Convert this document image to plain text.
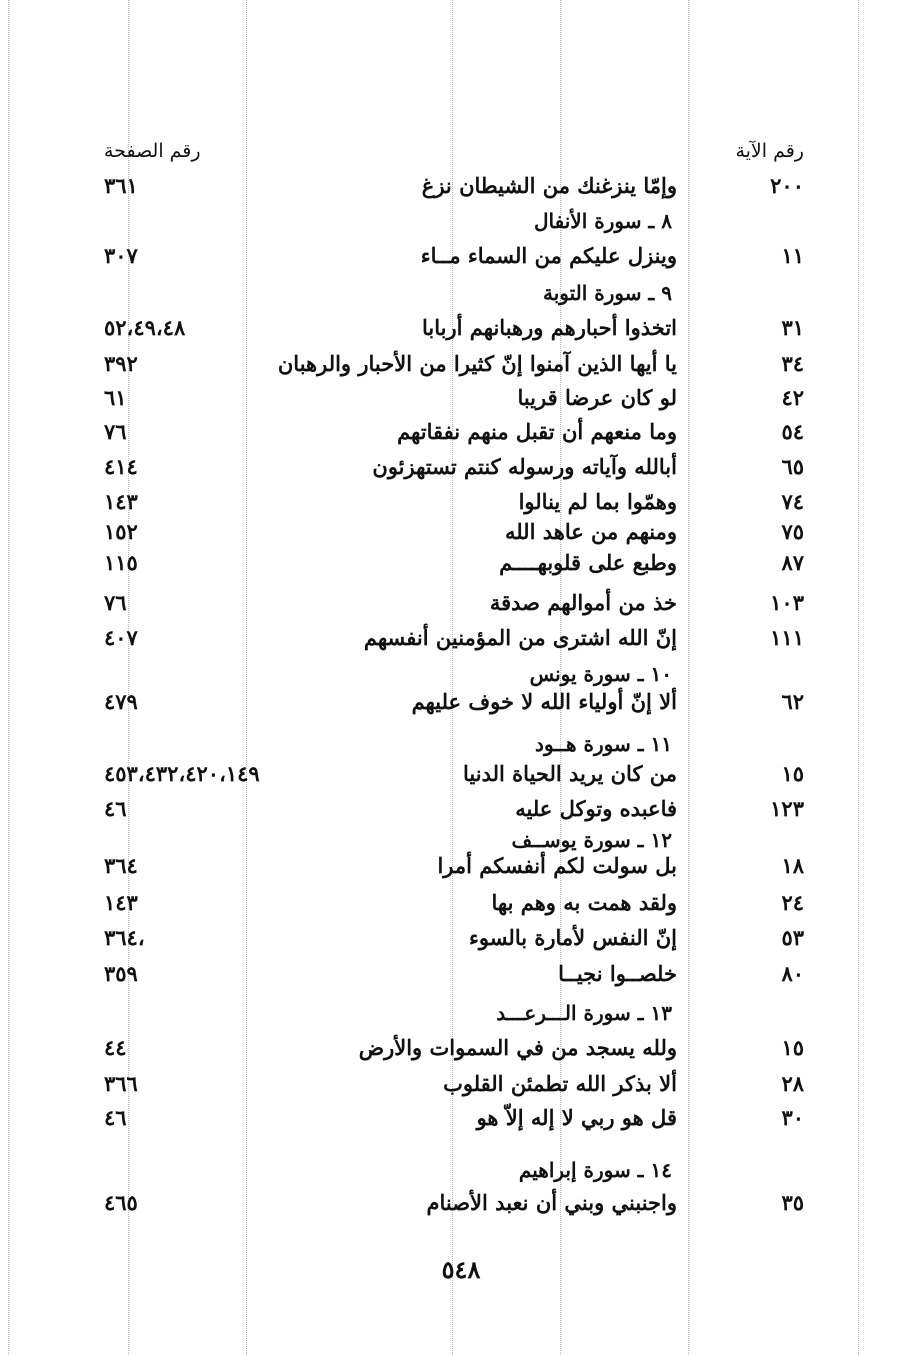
رقم الآية
رقم الصفحة
٢٠٠
وإمّا ينزغنك من الشيطان نزغ
٣٦١
٨ ـ سورة الأنفال
١١
وينزل عليكم من السماء مــاء
٣٠٧
٩ ـ سورة التوبة
٣١
اتخذوا أحبارهم ورهبانهم أربابا
٥٢،٤٩،٤٨
٣٤
يا أيها الذين آمنوا إنّ كثيرا من الأحبار والرهبان
٣٩٢
٤٢
لو كان عرضا قريبا
٦١
٥٤
وما منعهم أن تقبل منهم نفقاتهم
٧٦
٦٥
أبالله وآياته ورسوله كنتم تستهزئون
٤١٤
٧٤
وهمّوا بما لم ينالوا
١٤٣
٧٥
ومنهم من عاهد الله
١٥٢
٨٧
وطبع على قلوبهــــم
١١٥
١٠٣
خذ من أموالهم صدقة
٧٦
١١١
إنّ الله اشترى من المؤمنين أنفسهم
٤٠٧
١٠ ـ سورة يونس
٦٢
ألا إنّ أولياء الله لا خوف عليهم
٤٧٩
١١ ـ سورة هــود
١٥
من كان يريد الحياة الدنيا
٤٥٣،٤٣٢،٤٢٠،١٤٩
١٢٣
فاعبده وتوكل عليه
٤٦
١٢ ـ سورة يوســف
١٨
بل سولت لكم أنفسكم أمرا
٣٦٤
٢٤
ولقد همت به وهم بها
١٤٣
٥٣
إنّ النفس لأمارة بالسوء
٣٦٤،
٨٠
خلصــوا نجيــا
٣٥٩
١٣ ـ سورة الـــرعـــد
١٥
ولله يسجد من في السموات والأرض
٤٤
٢٨
ألا بذكر الله تطمئن القلوب
٣٦٦
٣٠
قل هو ربي لا إله إلاّ هو
٤٦
١٤ ـ سورة إبراهيم
٣٥
واجنبني وبني أن نعبد الأصنام
٤٦٥
٥٤٨
